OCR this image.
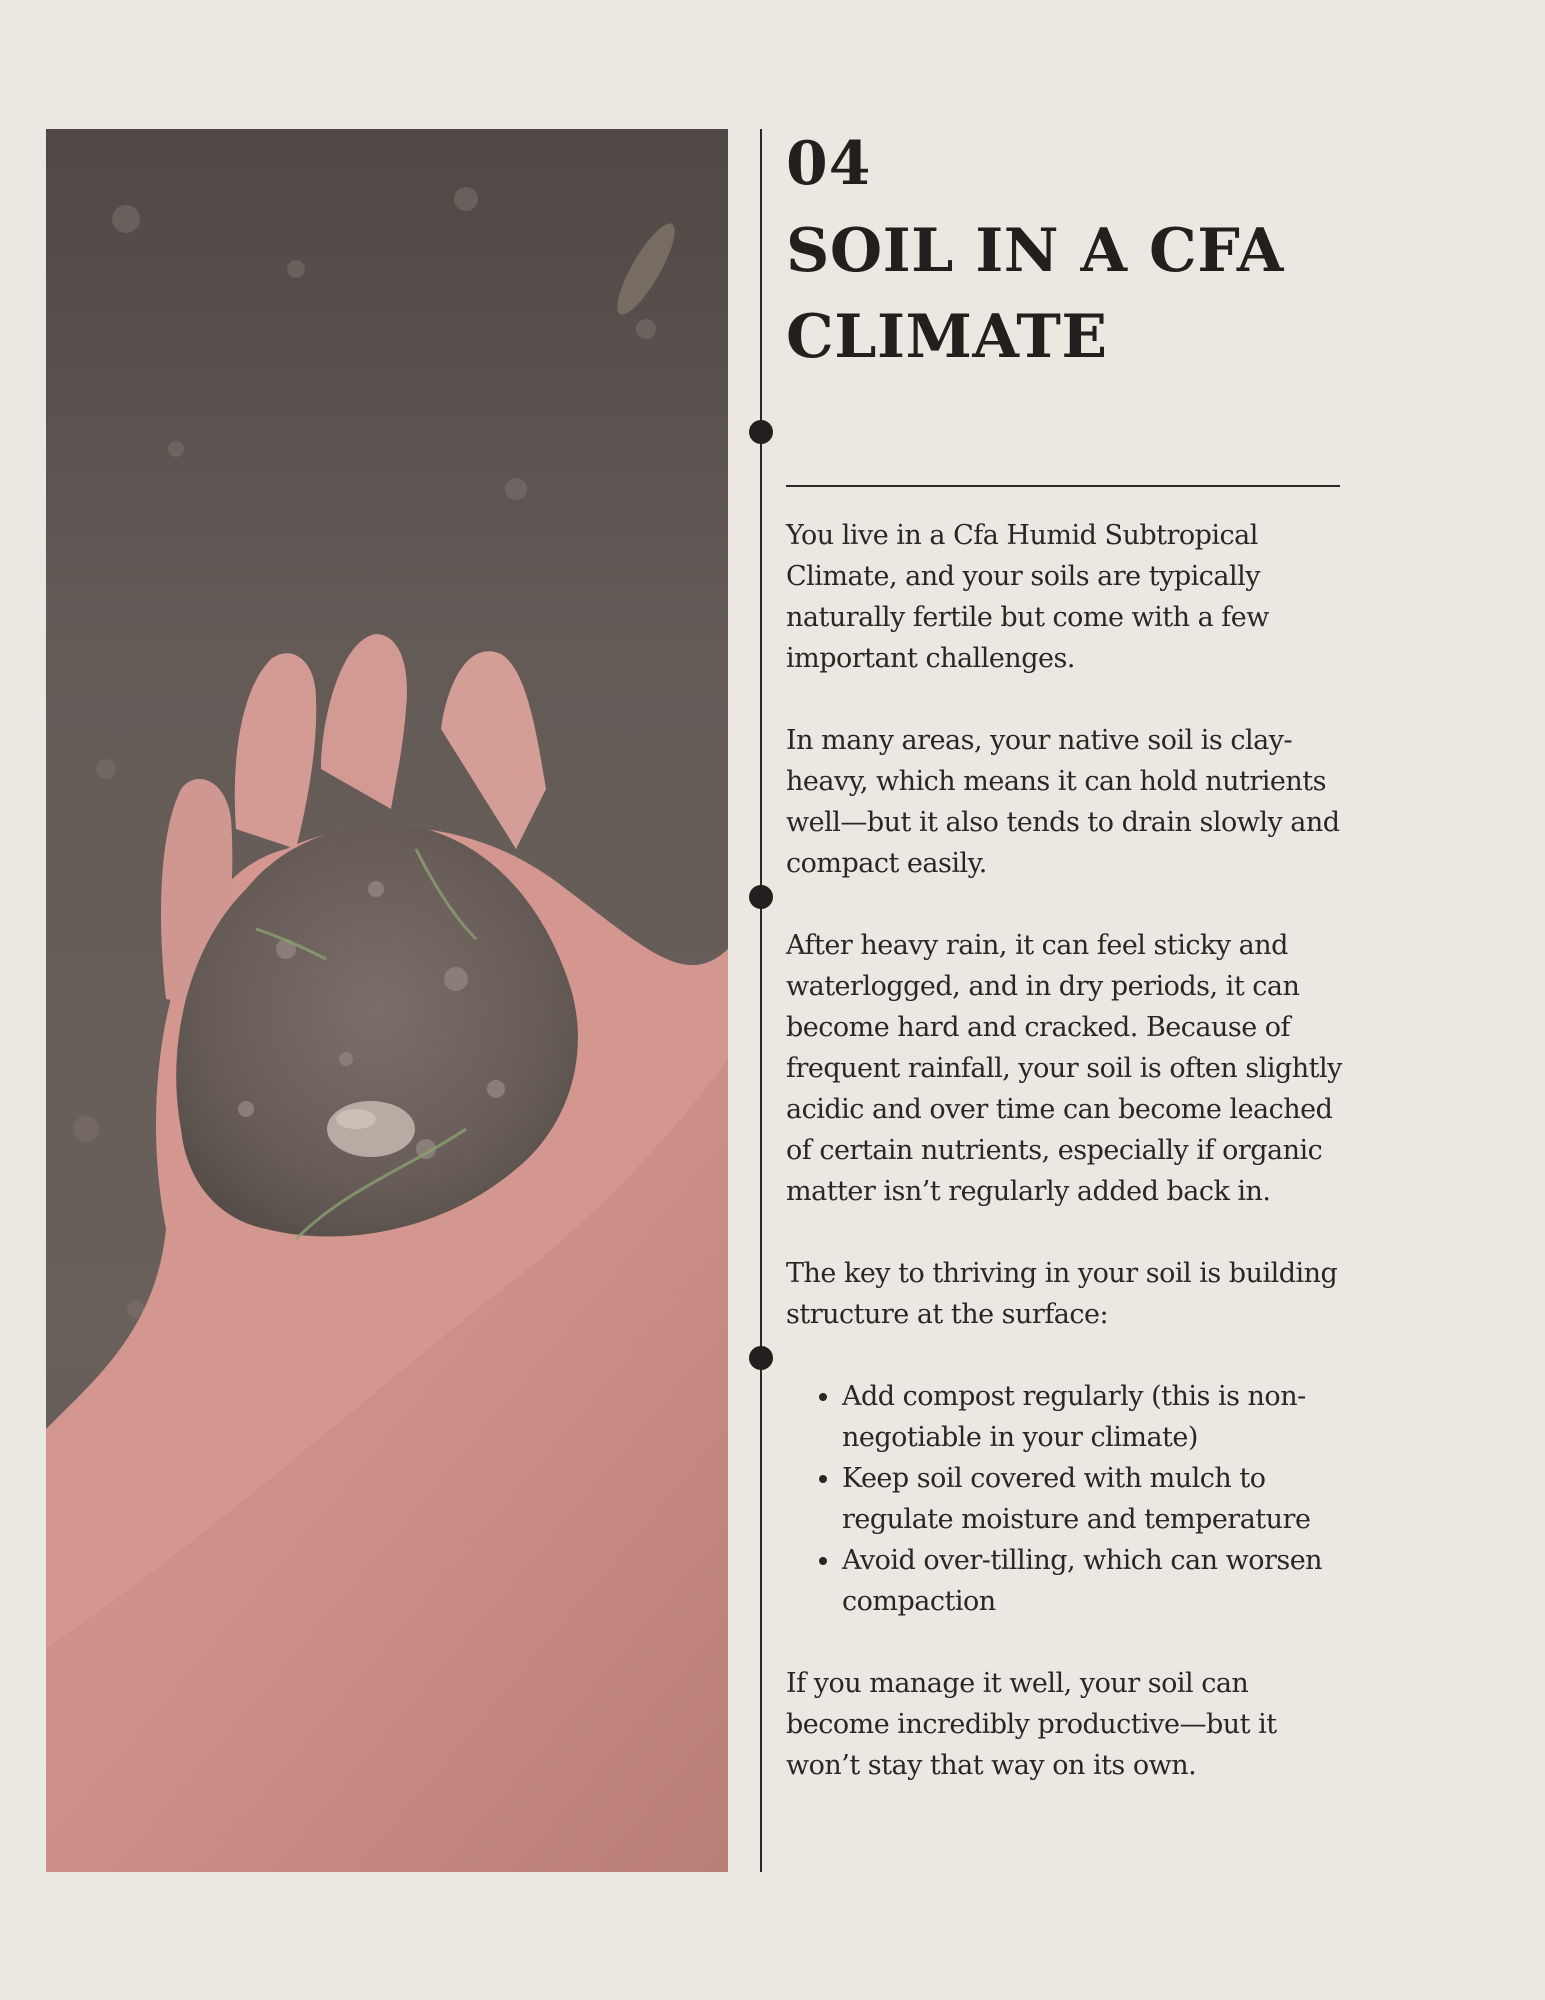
04
SOIL IN A CFA CLIMATE

You live in a Cfa Humid Subtropical Climate, and your soils are typically naturally fertile but come with a few important challenges.

In many areas, your native soil is clay-heavy, which means it can hold nutrients well—but it also tends to drain slowly and compact easily.

After heavy rain, it can feel sticky and waterlogged, and in dry periods, it can become hard and cracked. Because of frequent rainfall, your soil is often slightly acidic and over time can become leached of certain nutrients, especially if organic matter isn’t regularly added back in.

The key to thriving in your soil is building structure at the surface:

• Add compost regularly (this is non-negotiable in your climate)
• Keep soil covered with mulch to regulate moisture and temperature
• Avoid over-tilling, which can worsen compaction

If you manage it well, your soil can become incredibly productive—but it won’t stay that way on its own.
